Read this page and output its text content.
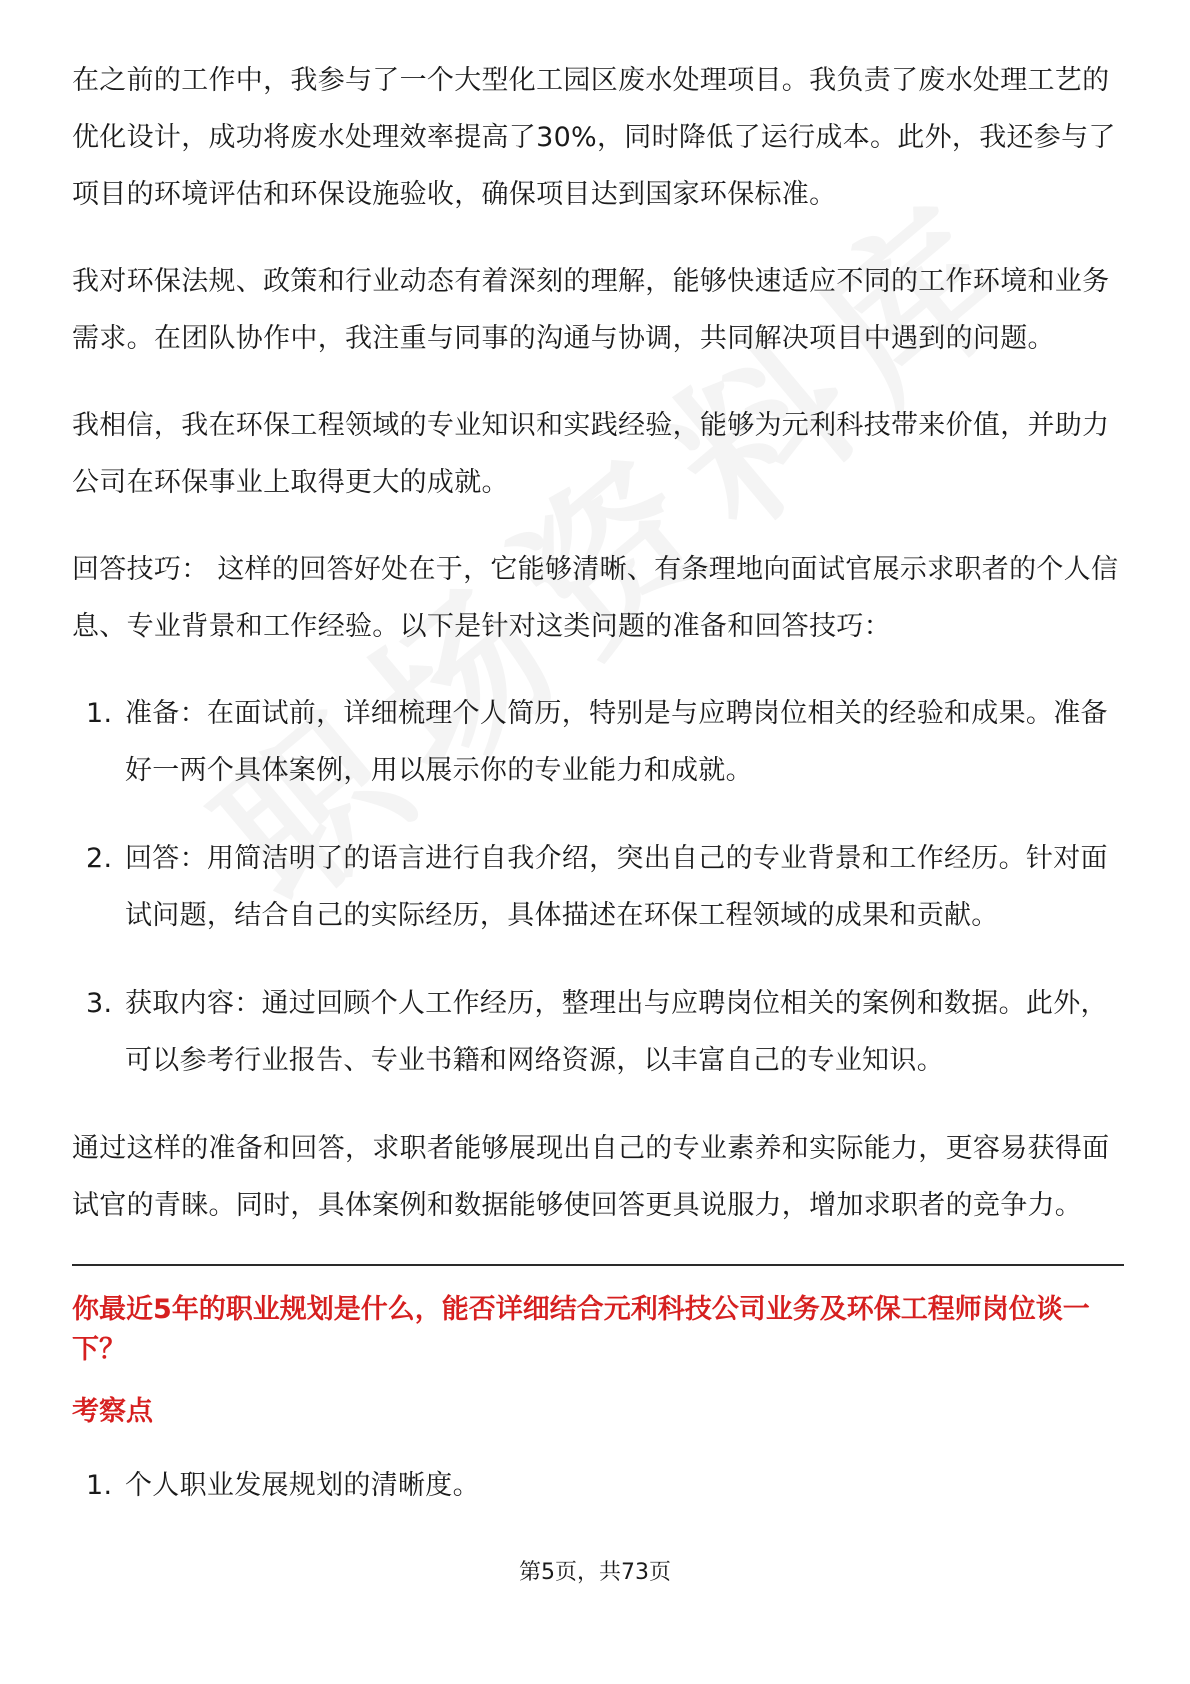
在之前的工作中，我参与了一个大型化工园区废水处理项目。我负责了废水处理工艺的优化设计，成功将废水处理效率提高了30%，同时降低了运行成本。此外，我还参与了项目的环境评估和环保设施验收，确保项目达到国家环保标准。

我对环保法规、政策和行业动态有着深刻的理解，能够快速适应不同的工作环境和业务需求。在团队协作中，我注重与同事的沟通与协调，共同解决项目中遇到的问题。

我相信，我在环保工程领域的专业知识和实践经验，能够为元利科技带来价值，并助力公司在环保事业上取得更大的成就。

回答技巧： 这样的回答好处在于，它能够清晰、有条理地向面试官展示求职者的个人信息、专业背景和工作经验。以下是针对这类问题的准备和回答技巧：

1. 准备：在面试前，详细梳理个人简历，特别是与应聘岗位相关的经验和成果。准备好一两个具体案例，用以展示你的专业能力和成就。
2. 回答：用简洁明了的语言进行自我介绍，突出自己的专业背景和工作经历。针对面试问题，结合自己的实际经历，具体描述在环保工程领域的成果和贡献。
3. 获取内容：通过回顾个人工作经历，整理出与应聘岗位相关的案例和数据。此外，可以参考行业报告、专业书籍和网络资源，以丰富自己的专业知识。

通过这样的准备和回答，求职者能够展现出自己的专业素养和实际能力，更容易获得面试官的青睐。同时，具体案例和数据能够使回答更具说服力，增加求职者的竞争力。

你最近5年的职业规划是什么，能否详细结合元利科技公司业务及环保工程师岗位谈一下？
考察点
1. 个人职业发展规划的清晰度。
第5页，共73页
